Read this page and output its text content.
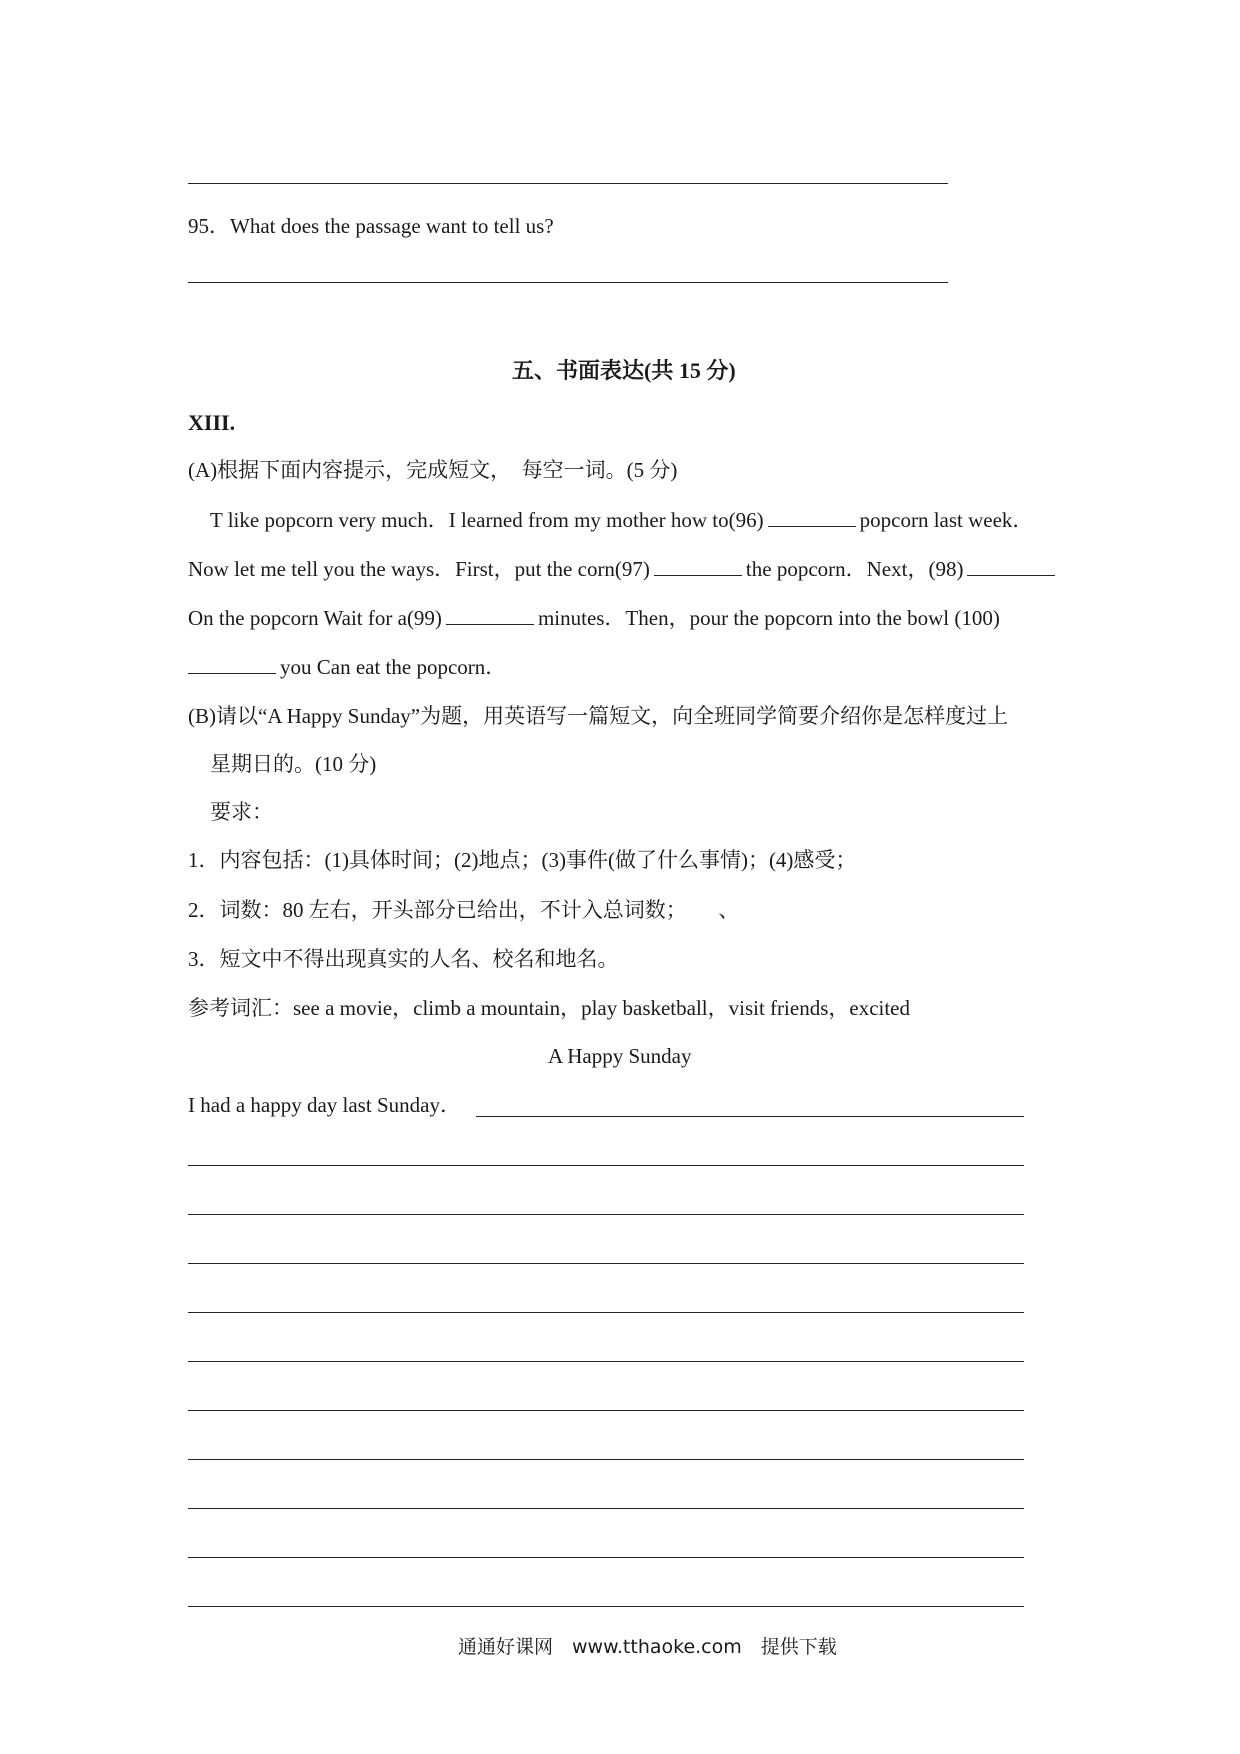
95．What does the passage want to tell us?
五、书面表达(共 15 分)
XIII.
(A)根据下面内容提示，完成短文，　每空一词。(5 分)
T like popcorn very much．I learned from my mother how to(96)	popcorn last week．
Now let me tell you the ways．First，put the corn(97)	the popcorn．Next，(98)
On the popcorn Wait for a(99)	minutes．Then，pour the popcorn into the bowl (100)
you Can eat the popcorn．
(B)请以“A Happy Sunday”为题，用英语写一篇短文，向全班同学简要介绍你是怎样度过上
星期日的。(10 分)
要求：
1．内容包括：(1)具体时间；(2)地点；(3)事件(做了什么事情)；(4)感受；
2．词数：80 左右，开头部分已给出，不计入总词数；　　、
3．短文中不得出现真实的人名、校名和地名。
参考词汇：see a movie，climb a mountain，play basketball，visit friends，excited
A Happy Sunday
I had a happy day last Sunday．
通通好课网　www.tthaoke.com　提供下载
